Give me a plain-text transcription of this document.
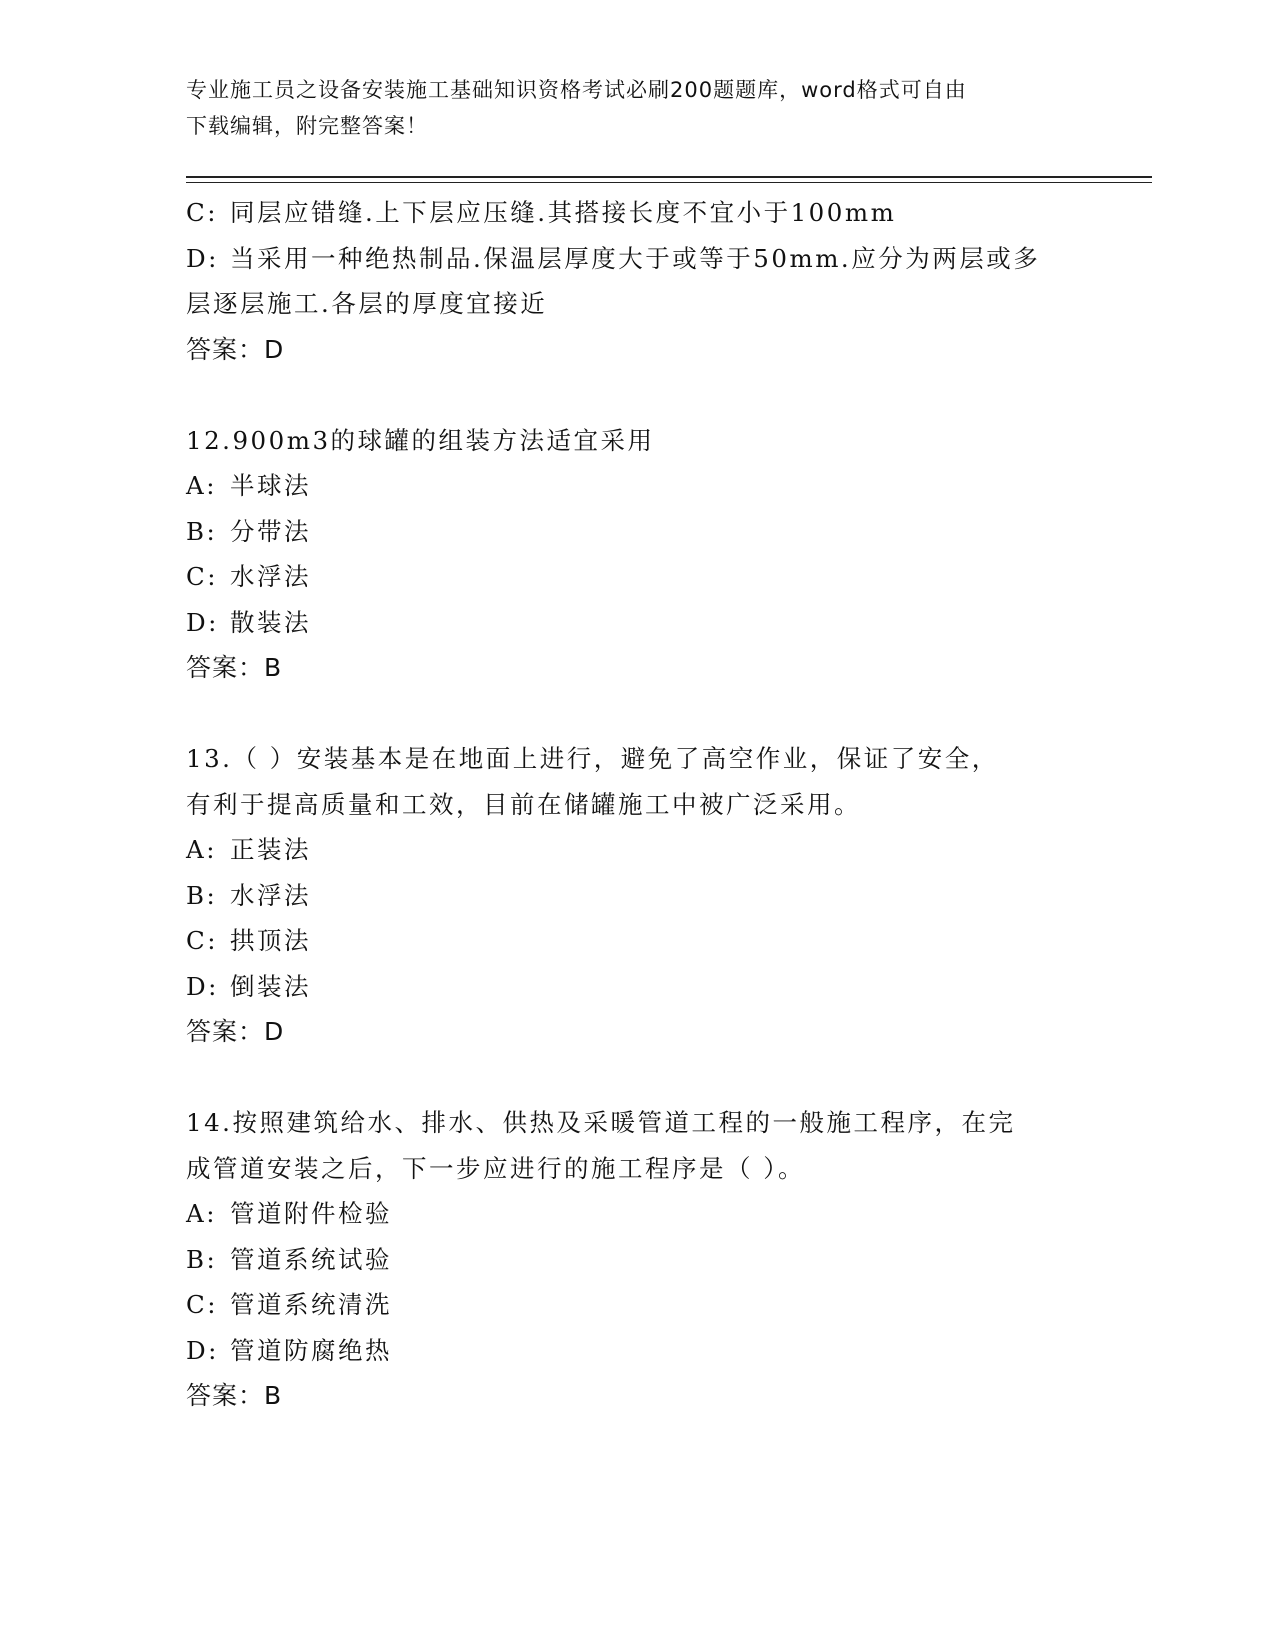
专业施工员之设备安装施工基础知识资格考试必刷200题题库，word格式可自由
下载编辑，附完整答案！
C: 同层应错缝.上下层应压缝.其搭接长度不宜小于100mm
D: 当采用一种绝热制品.保温层厚度大于或等于50mm.应分为两层或多
层逐层施工.各层的厚度宜接近
答案：D
12.900m3的球罐的组装方法适宜采用
A: 半球法
B: 分带法
C: 水浮法
D: 散装法
答案：B
13.（ ）安装基本是在地面上进行，避免了高空作业，保证了安全，
有利于提高质量和工效，目前在储罐施工中被广泛采用。
A: 正装法
B: 水浮法
C: 拱顶法
D: 倒装法
答案：D
14.按照建筑给水、排水、供热及采暖管道工程的一般施工程序，在完
成管道安装之后，下一步应进行的施工程序是（ ）。
A: 管道附件检验
B: 管道系统试验
C: 管道系统清洗
D: 管道防腐绝热
答案：B
